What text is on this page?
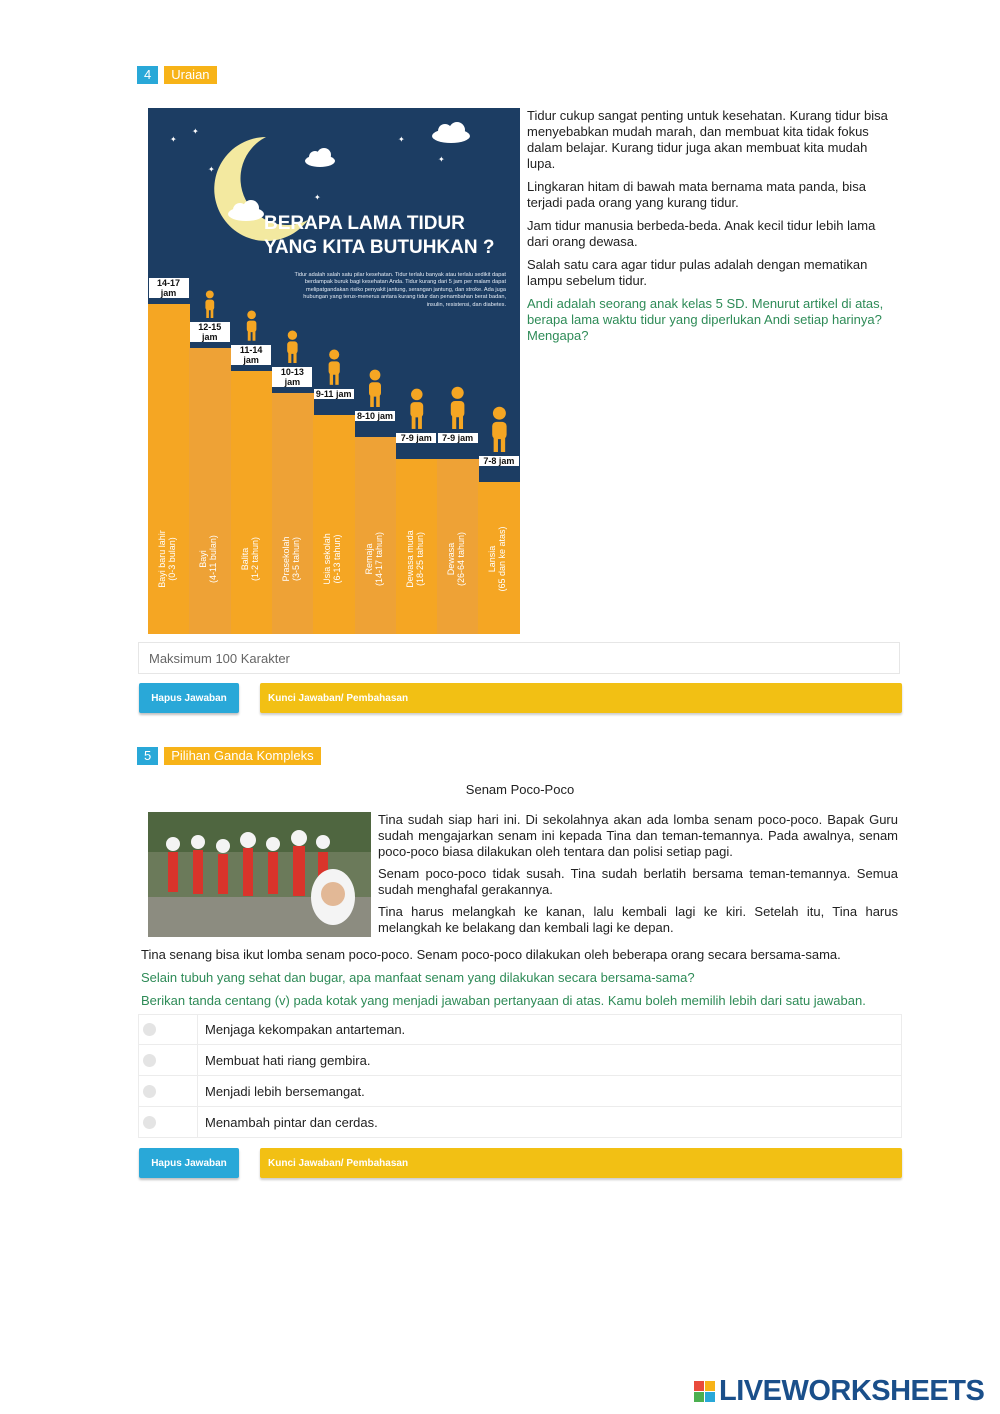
4	Uraian
✦
✦
✦
✦
✦
✦
BERAPA LAMA TIDUR
YANG KITA BUTUHKAN ?
Tidur adalah salah satu pilar kesehatan. Tidur terlalu banyak atau terlalu sedikit dapat berdampak buruk bagi kesehatan Anda. Tidur kurang dari 5 jam per malam dapat melipatgandakan risiko penyakit jantung, serangan jantung, dan stroke. Ada juga hubungan yang terus-menerus antara kurang tidur dan penambahan berat badan, insulin, resistensi, dan diabetes.
14-17 jam
Bayi baru lahir (0-3 bulan)
12-15 jam
Bayi (4-11 bulan)
11-14 jam
Balita (1-2 tahun)
10-13 jam
Prasekolah (3-5 tahun)
9-11 jam
Usia sekolah (6-13 tahun)
8-10 jam
Remaja (14-17 tahun)
7-9 jam
Dewasa muda (18-25 tahun)
7-9 jam
Dewasa (26-64 tahun)
7-8 jam
Lansia (65 dan ke atas)

Tidur cukup sangat penting untuk kesehatan. Kurang tidur bisa menyebabkan mudah marah, dan membuat kita tidak fokus dalam belajar. Kurang tidur juga akan membuat kita mudah lupa.

Lingkaran hitam di bawah mata bernama mata panda, bisa terjadi pada orang yang kurang tidur.

Jam tidur manusia berbeda-beda. Anak kecil tidur lebih lama dari orang dewasa.

Salah satu cara agar tidur pulas adalah dengan mematikan lampu sebelum tidur.

Andi adalah seorang anak kelas 5 SD. Menurut artikel di atas, berapa lama waktu tidur yang diperlukan Andi setiap harinya? Mengapa?

Maksimum 100 Karakter
Hapus Jawaban	Kunci Jawaban/ Pembahasan
5	Pilihan Ganda Kompleks
Senam Poco-Poco

Tina sudah siap hari ini. Di sekolahnya akan ada lomba senam poco-poco. Bapak Guru sudah mengajarkan senam ini kepada Tina dan teman-temannya. Pada awalnya, senam poco-poco biasa dilakukan oleh tentara dan polisi setiap pagi.

Senam poco-poco tidak susah. Tina sudah berlatih bersama teman-temannya. Semua sudah menghafal gerakannya.

Tina harus melangkah ke kanan, lalu kembali lagi ke kiri. Setelah itu, Tina harus melangkah ke belakang dan kembali lagi ke depan.

Tina senang bisa ikut lomba senam poco-poco. Senam poco-poco dilakukan oleh beberapa orang secara bersama-sama.
Selain tubuh yang sehat dan bugar, apa manfaat senam yang dilakukan secara bersama-sama?
Berikan tanda centang (v) pada kotak yang menjadi jawaban pertanyaan di atas. Kamu boleh memilih lebih dari satu jawaban.
Menjaga kekompakan antarteman.
Membuat hati riang gembira.
Menjadi lebih bersemangat.
Menambah pintar dan cerdas.
Hapus Jawaban	Kunci Jawaban/ Pembahasan
LIVEWORKSHEETS
